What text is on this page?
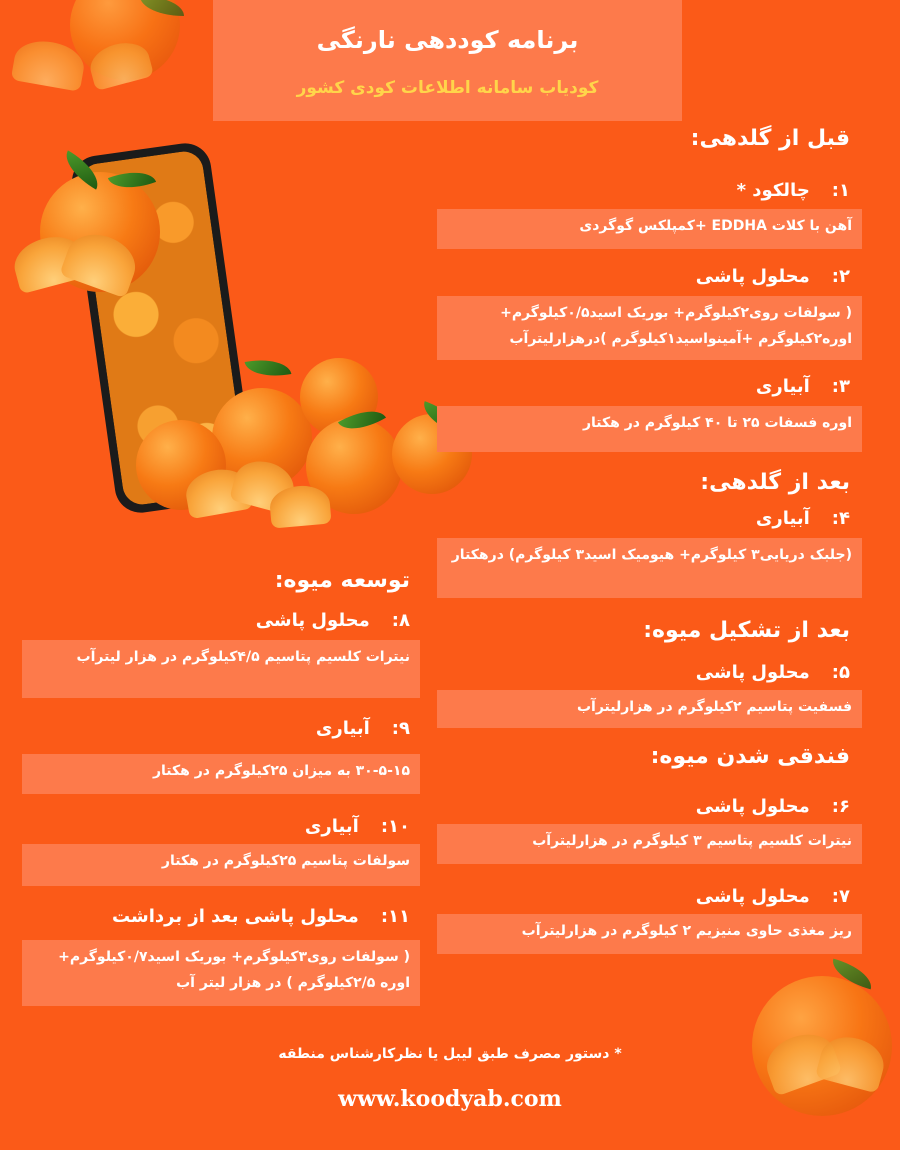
برنامه کوددهی نارنگی
کودیاب سامانه اطلاعات کودی کشور
قبل از گلدهی:
۱:چالکود *
آهن با کلات EDDHA +کمپلکس گوگردی
۲:محلول پاشی
( سولفات روی۲کیلوگرم+ بوریک اسید۰/۵کیلوگرم+ اوره۲کیلوگرم +آمینواسید۱کیلوگرم )درهزارلیترآب
۳:آبیاری
اوره فسفات ۲۵ تا ۴۰ کیلوگرم در هکتار
بعد از گلدهی:
۴:آبیاری
(جلبک دریایی۳ کیلوگرم+ هیومیک اسید۳ کیلوگرم) درهکتار
بعد از تشکیل میوه:
۵:محلول پاشی
فسفیت پتاسیم ۲کیلوگرم در هزارلیترآب
فندقی شدن میوه:
۶:محلول پاشی
نیترات کلسیم پتاسیم ۳ کیلوگرم در هزارلیترآب
۷:محلول پاشی
ریز مغذی حاوی منیزیم ۲ کیلوگرم در هزارلیترآب
توسعه میوه:
۸:محلول پاشی
نیترات کلسیم پتاسیم ۴/۵کیلوگرم در هزار لیترآب
۹:آبیاری
۳۰-۵-۱۵ به میزان ۲۵کیلوگرم در هکتار
۱۰:آبیاری
سولفات پتاسیم ۲۵کیلوگرم در هکتار
۱۱:محلول پاشی بعد از برداشت
( سولفات روی۳کیلوگرم+ بوریک اسید۰/۷کیلوگرم+ اوره ۲/۵کیلوگرم ) در هزار لیتر آب
* دستور مصرف طبق لیبل یا نظرکارشناس منطقه
www.koodyab.com
